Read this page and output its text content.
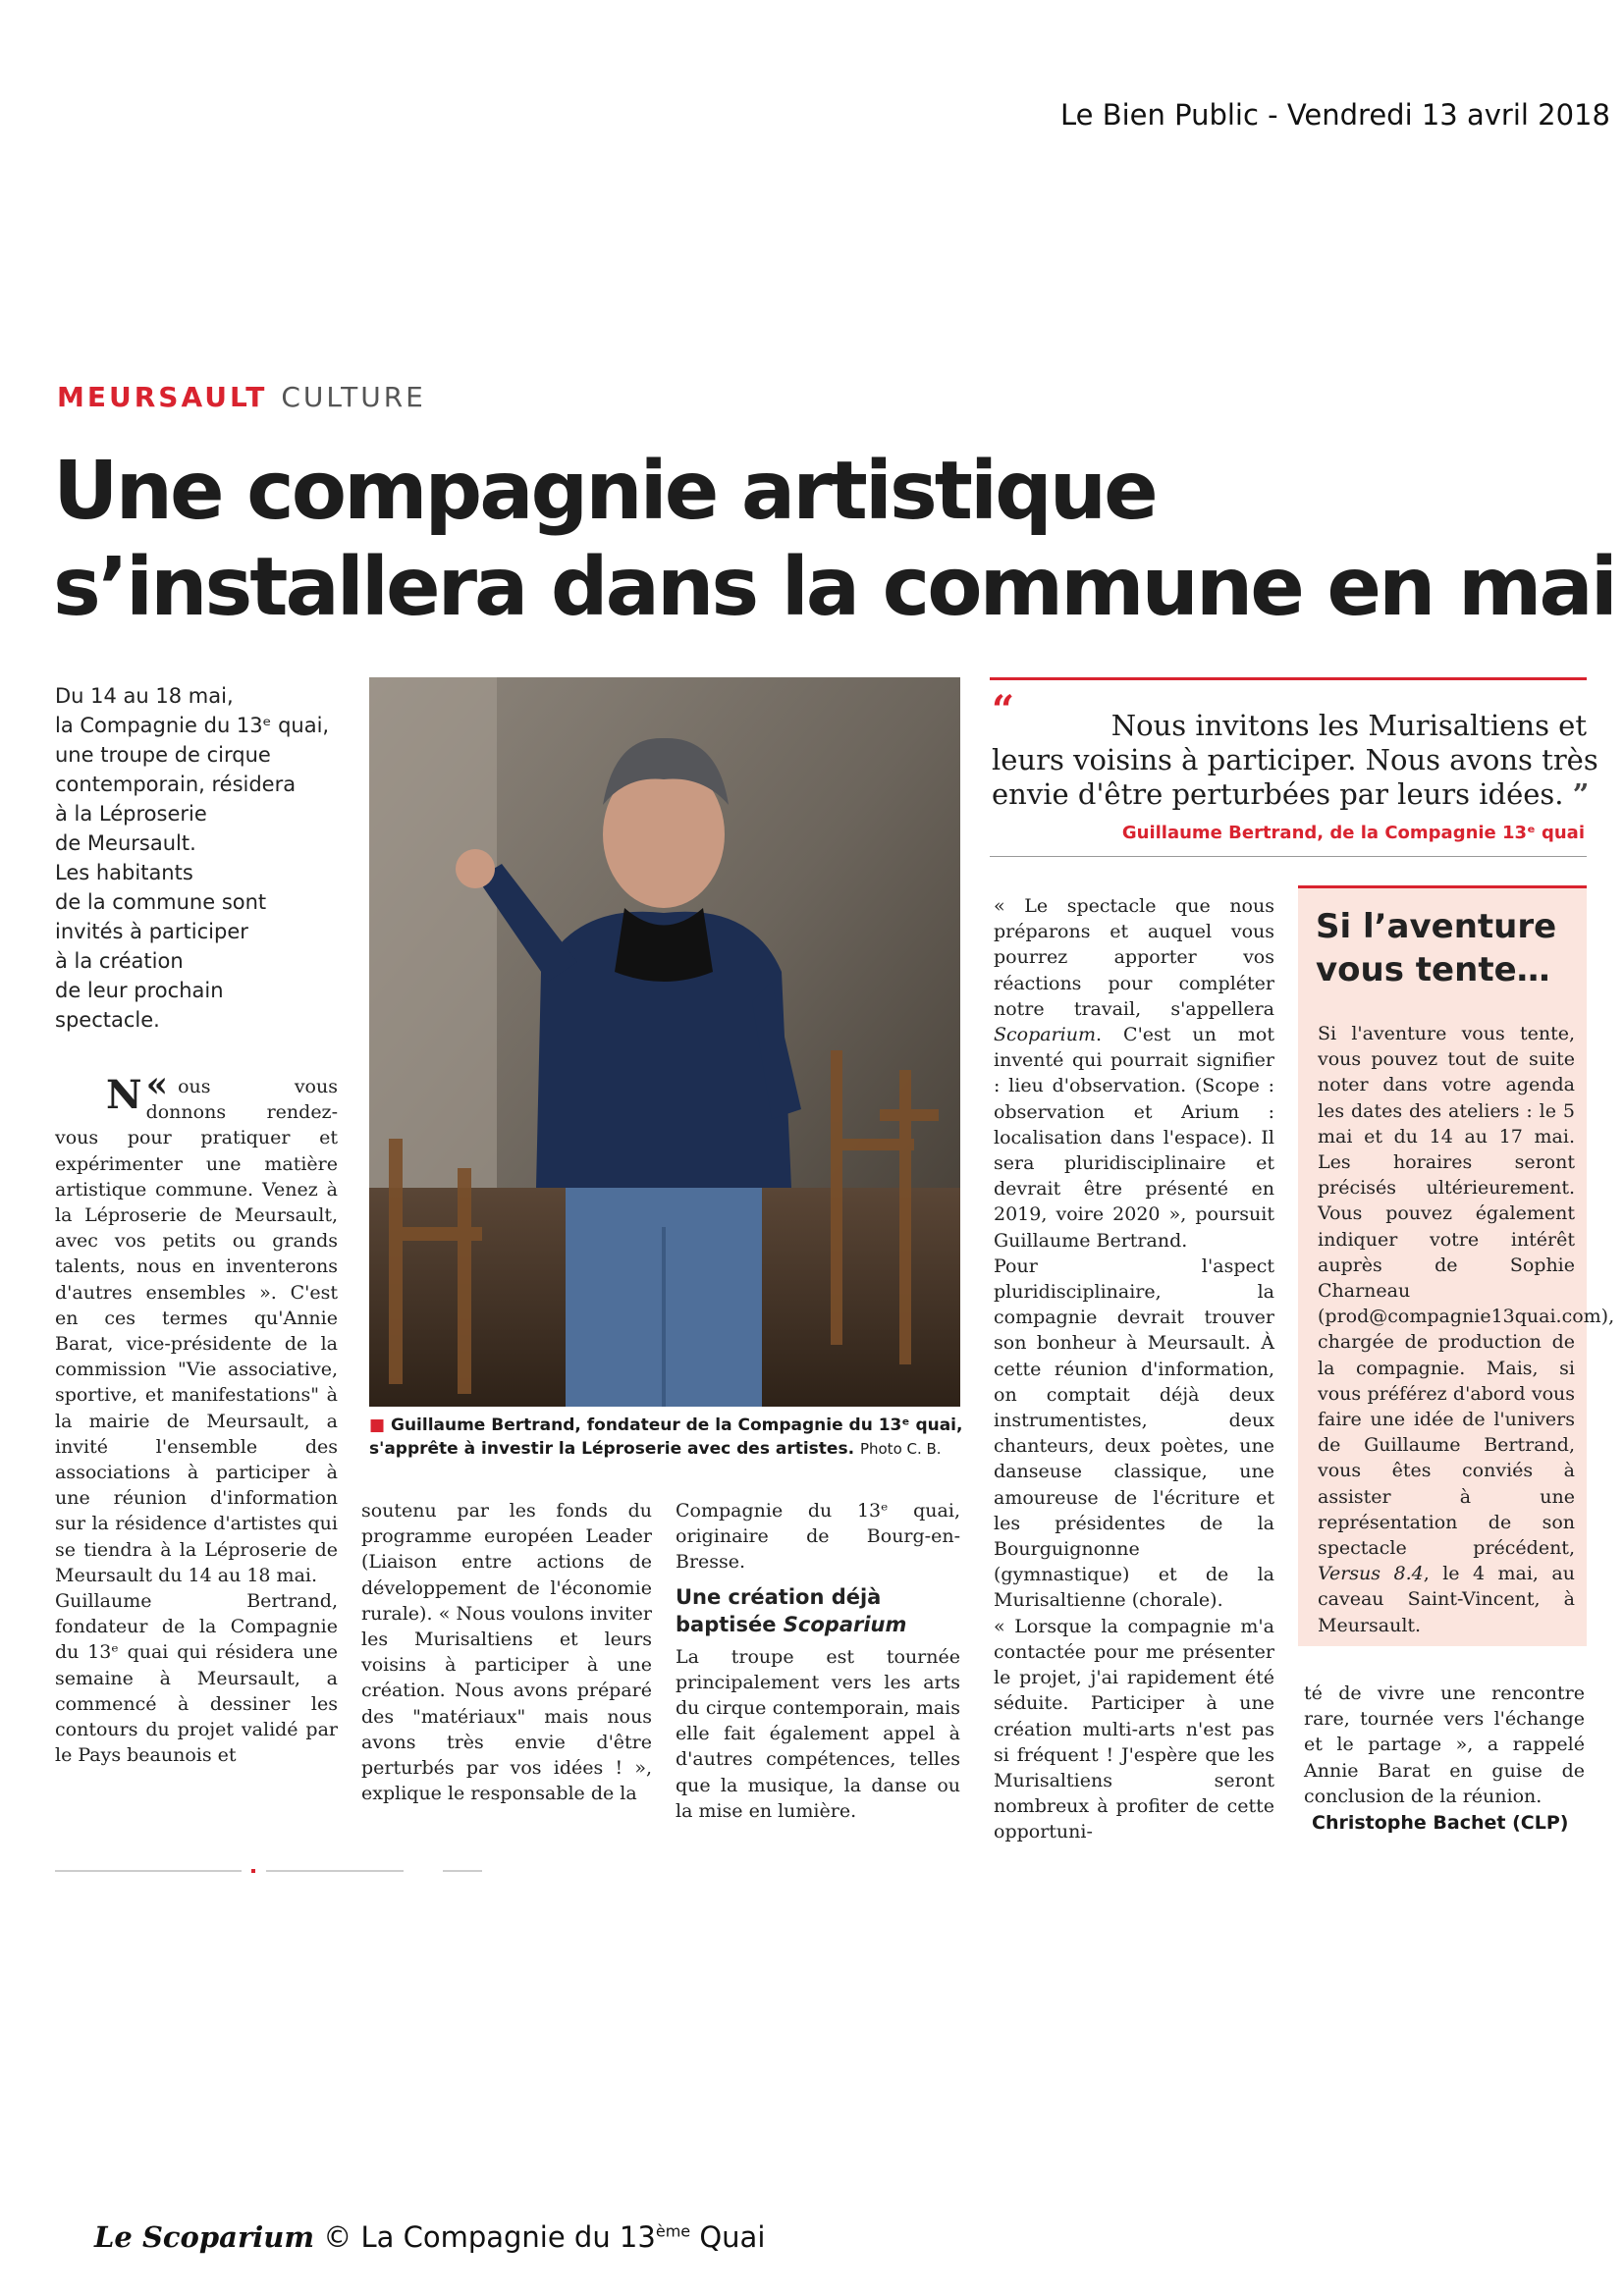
Le Bien Public - Vendredi 13 avril 2018
MEURSAULT CULTURE
Une compagnie artistique
s’installera dans la commune en mai
Du 14 au 18 mai,
la Compagnie du 13ᵉ quai,
une troupe de cirque
contemporain, résidera
à la Léproserie
de Meursault.
Les habitants
de la commune sont
invités à participer
à la création
de leur prochain
spectacle.

«
N ous vous donnons rendez-vous pour pratiquer et expérimenter une matière artistique commune. Venez à la Léproserie de Meursault, avec vos petits ou grands talents, nous en inventerons d'autres ensembles ». C'est en ces termes qu'Annie Barat, vice-présidente de la commission "Vie associative, sportive, et manifestations" à la mairie de Meursault, a invité l'ensemble des associations à participer à une réunion d'information sur la résidence d'artistes qui se tiendra à la Léproserie de Meursault du 14 au 18 mai.

Guillaume Bertrand, fondateur de la Compagnie du 13ᵉ quai qui résidera une semaine à Meursault, a commencé à dessiner les contours du projet validé par le Pays beaunois et

■ Guillaume Bertrand, fondateur de la Compagnie du 13ᵉ quai, s'apprête à investir la Léproserie avec des artistes. Photo C. B.

soutenu par les fonds du programme européen Leader (Liaison entre actions de développement de l'économie rurale). « Nous voulons inviter les Murisaltiens et leurs voisins à participer à une création. Nous avons préparé des "matériaux" mais nous avons très envie d'être perturbés par vos idées ! », explique le responsable de la

Compagnie du 13ᵉ quai, originaire de Bourg-en-Bresse.

Une création déjà
baptisée Scoparium

La troupe est tournée principalement vers les arts du cirque contemporain, mais elle fait également appel à d'autres compétences, telles que la musique, la danse ou la mise en lumière.

“	Nous invitons les Murisaltiens et
leurs voisins à participer. Nous avons très
envie d'être perturbées par leurs idées. ”
Guillaume Bertrand, de la Compagnie 13ᵉ quai

« Le spectacle que nous préparons et auquel vous pourrez apporter vos réactions pour compléter notre travail, s'appellera Scoparium. C'est un mot inventé qui pourrait signifier : lieu d'observation. (Scope : observation et Arium : localisation dans l'espace). Il sera pluridisciplinaire et devrait être présenté en 2019, voire 2020 », poursuit Guillaume Bertrand.

Pour l'aspect pluridisciplinaire, la compagnie devrait trouver son bonheur à Meursault. À cette réunion d'information, on comptait déjà deux instrumentistes, deux chanteurs, deux poètes, une danseuse classique, une amoureuse de l'écriture et les présidentes de la Bourguignonne (gymnastique) et de la Murisaltienne (chorale).

« Lorsque la compagnie m'a contactée pour me présenter le projet, j'ai rapidement été séduite. Participer à une création multi-arts n'est pas si fréquent ! J'espère que les Murisaltiens seront nombreux à profiter de cette opportuni-

Si l’aventure vous tente…
Si l'aventure vous tente, vous pouvez tout de suite noter dans votre agenda les dates des ateliers : le 5 mai et du 14 au 17 mai. Les horaires seront précisés ultérieurement. Vous pouvez également indiquer votre intérêt auprès de Sophie Charneau (prod@compagnie13quai.com), chargée de production de la compagnie. Mais, si vous préférez d'abord vous faire une idée de l'univers de Guillaume Bertrand, vous êtes conviés à assister à une représentation de son spectacle précédent, Versus 8.4, le 4 mai, au caveau Saint-Vincent, à Meursault.

té de vivre une rencontre rare, tournée vers l'échange et le partage », a rappelé Annie Barat en guise de conclusion de la réunion.

Christophe Bachet (CLP)
Le Scoparium © La Compagnie du 13ème Quai
